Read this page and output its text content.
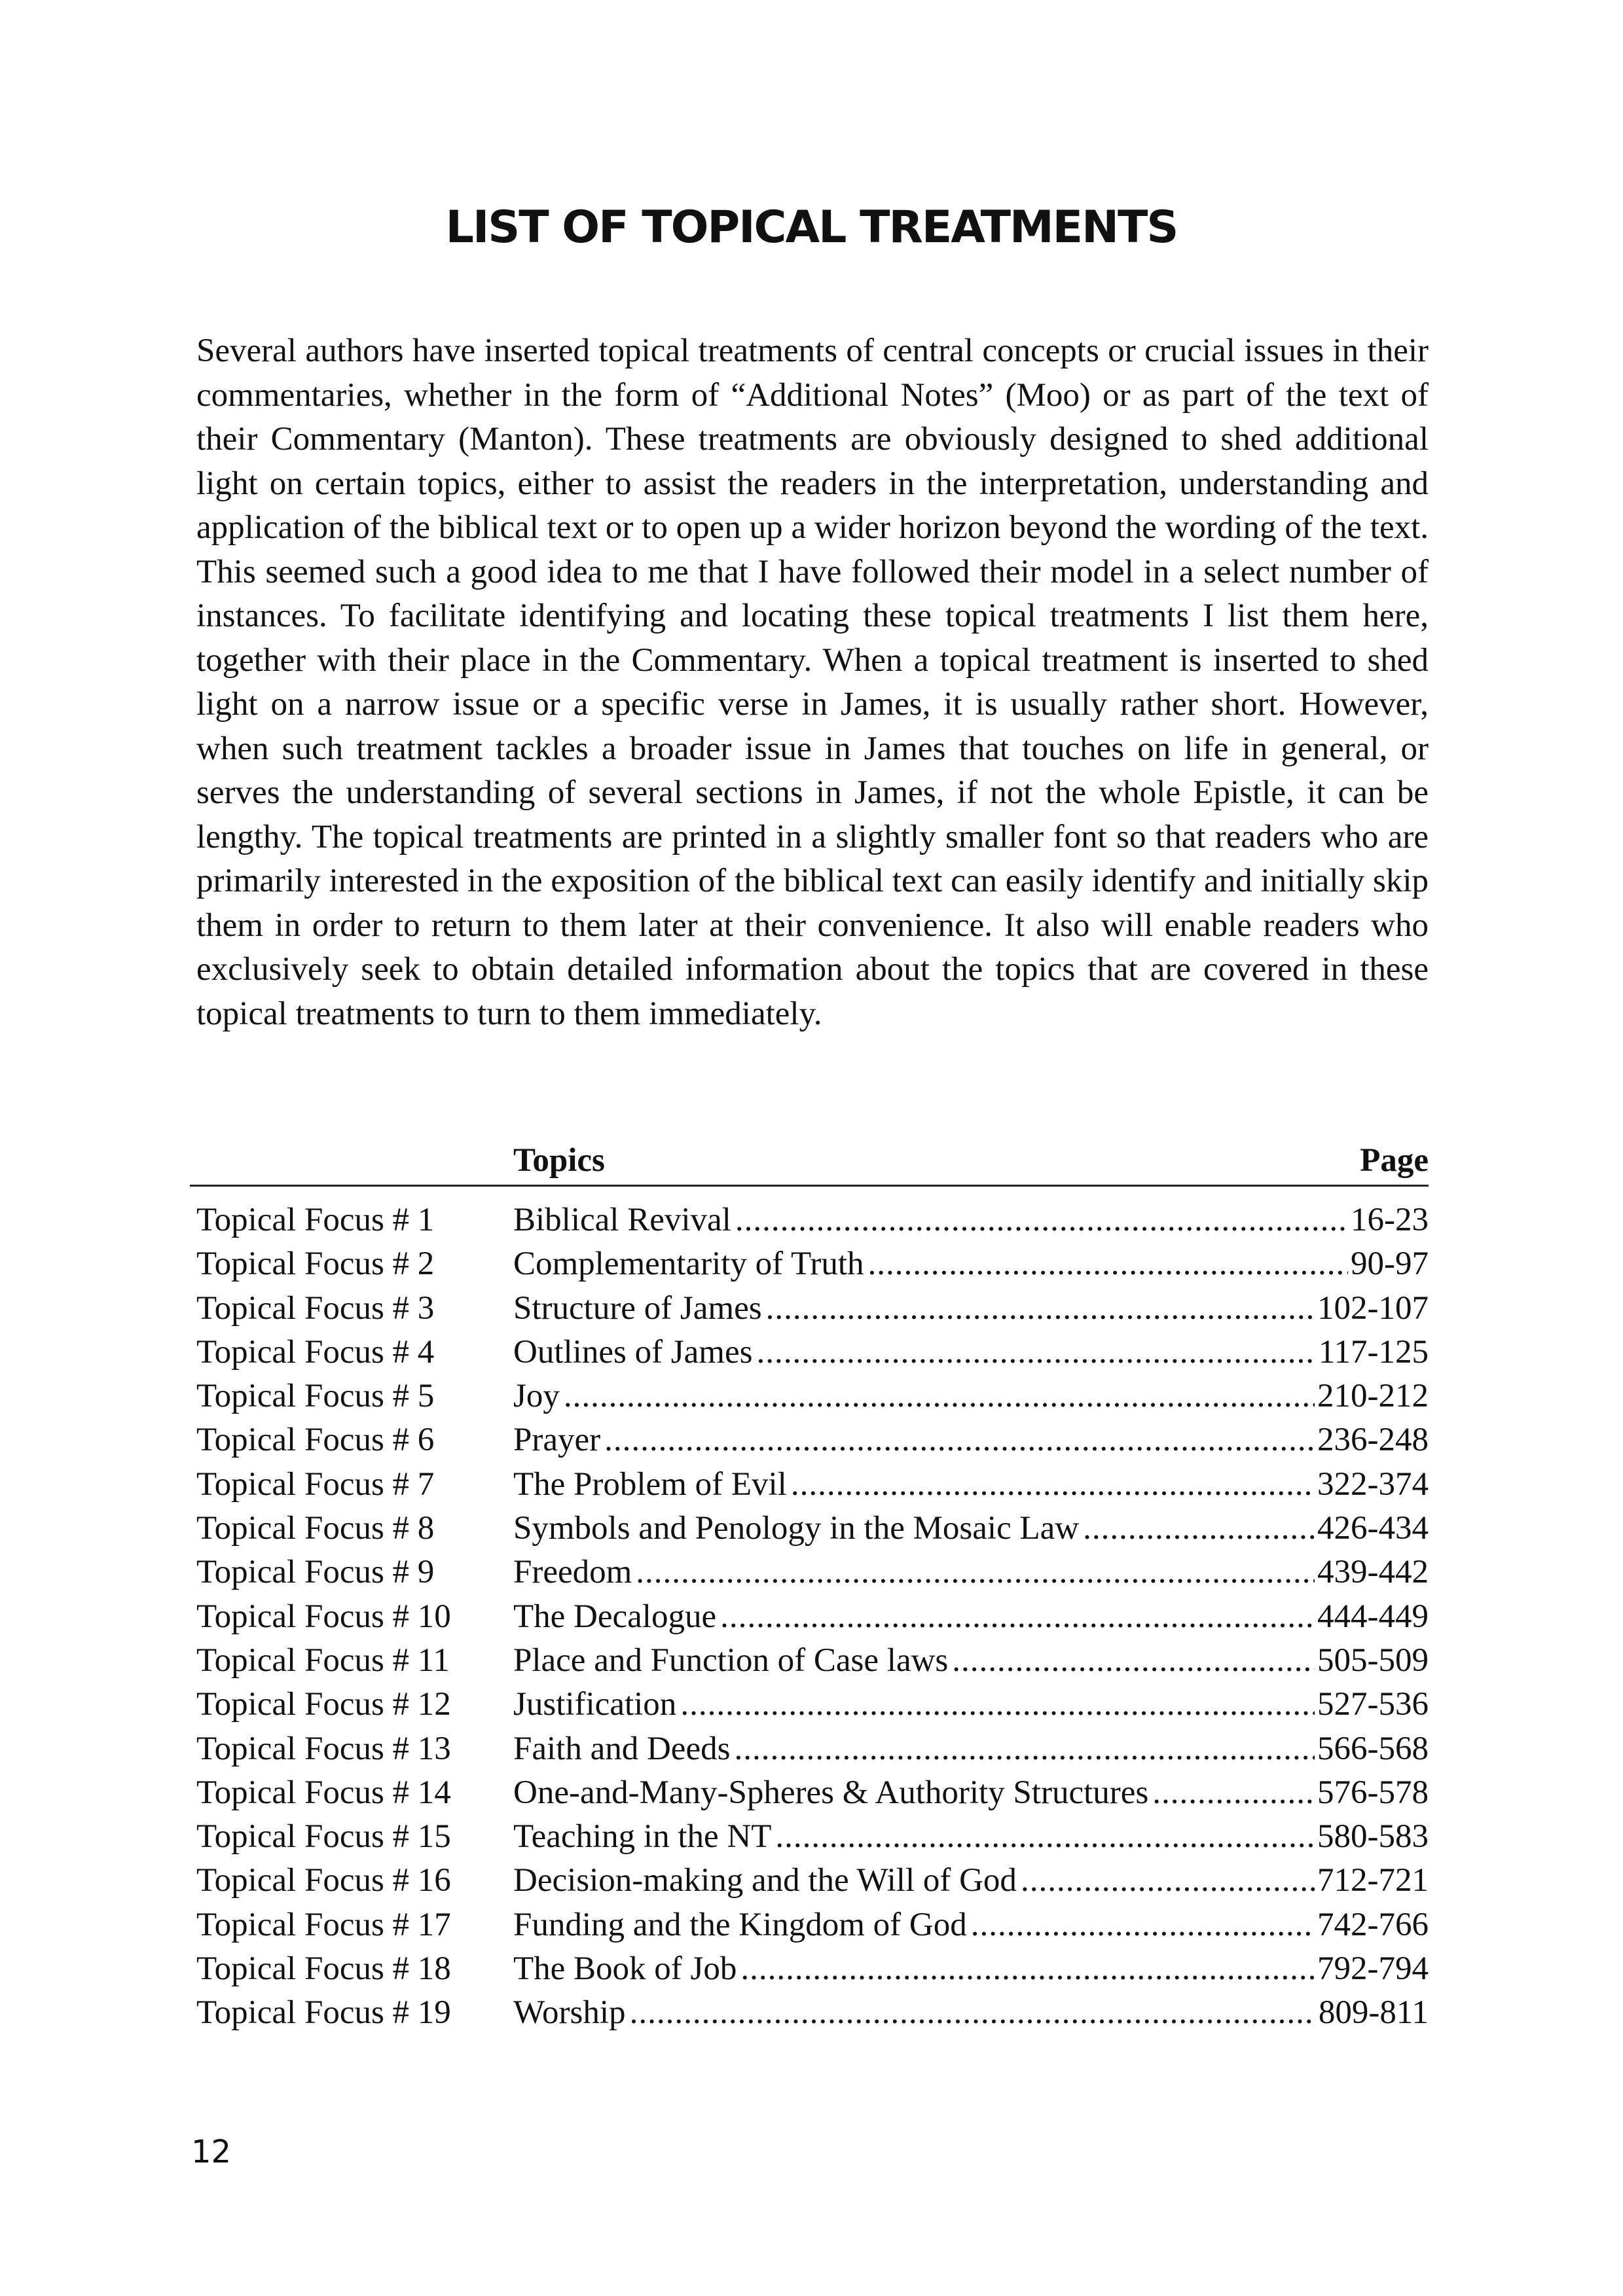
LIST OF TOPICAL TREATMENTS

Several authors have inserted topical treatments of central concepts or crucial issues in their commentaries, whether in the form of “Additional Notes” (Moo) or as part of the text of their Commentary (Manton). These treatments are obviously designed to shed additional light on certain topics, either to assist the readers in the interpretation, understanding and application of the biblical text or to open up a wider horizon beyond the wording of the text. This seemed such a good idea to me that I have followed their model in a select number of instances. To facilitate identifying and locating these topical treatments I list them here, together with their place in the Commentary. When a topical treatment is inserted to shed light on a narrow issue or a specific verse in James, it is usually rather short. However, when such treatment tackles a broader issue in James that touches on life in general, or serves the understanding of several sections in James, if not the whole Epistle, it can be lengthy. The topical treatments are printed in a slightly smaller font so that readers who are primarily interested in the exposition of the biblical text can easily identify and initially skip them in order to return to them later at their convenience. It also will enable readers who exclusively seek to obtain detailed information about the topics that are covered in these topical treatments to turn to them immediately.

Topics	Page
Topical Focus # 1 Biblical Revival .....	16-23
Topical Focus # 2 Complementarity of Truth .....	90-97
Topical Focus # 3 Structure of James .....	102-107
Topical Focus # 4 Outlines of James .....	117-125
Topical Focus # 5 Joy .....	210-212
Topical Focus # 6 Prayer .....	236-248
Topical Focus # 7 The Problem of Evil .....	322-374
Topical Focus # 8 Symbols and Penology in the Mosaic Law .....	426-434
Topical Focus # 9 Freedom .....	439-442
Topical Focus # 10 The Decalogue .....	444-449
Topical Focus # 11 Place and Function of Case laws .....	505-509
Topical Focus # 12 Justification .....	527-536
Topical Focus # 13 Faith and Deeds .....	566-568
Topical Focus # 14 One-and-Many-Spheres & Authority Structures .....	576-578
Topical Focus # 15 Teaching in the NT .....	580-583
Topical Focus # 16 Decision-making and the Will of God .....	712-721
Topical Focus # 17 Funding and the Kingdom of God .....	742-766
Topical Focus # 18 The Book of Job .....	792-794
Topical Focus # 19 Worship .....	809-811
12
